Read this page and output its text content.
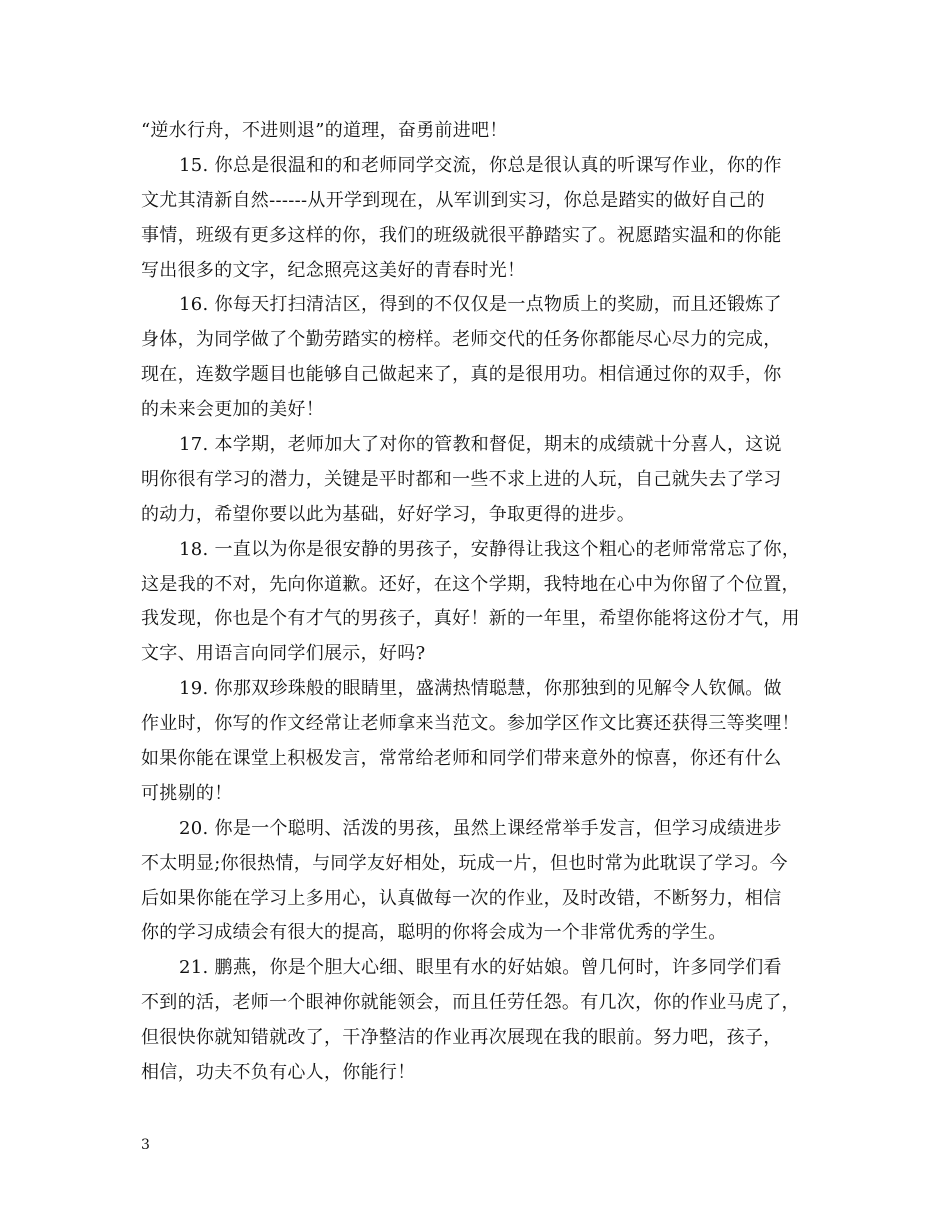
“逆水行舟，不进则退”的道理，奋勇前进吧！
15. 你总是很温和的和老师同学交流，你总是很认真的听课写作业，你的作
文尤其清新自然------从开学到现在，从军训到实习，你总是踏实的做好自己的
事情，班级有更多这样的你，我们的班级就很平静踏实了。祝愿踏实温和的你能
写出很多的文字，纪念照亮这美好的青春时光！
16. 你每天打扫清洁区，得到的不仅仅是一点物质上的奖励，而且还锻炼了
身体，为同学做了个勤劳踏实的榜样。老师交代的任务你都能尽心尽力的完成，
现在，连数学题目也能够自己做起来了，真的是很用功。相信通过你的双手，你
的未来会更加的美好！
17. 本学期，老师加大了对你的管教和督促，期末的成绩就十分喜人，这说
明你很有学习的潜力，关键是平时都和一些不求上进的人玩，自己就失去了学习
的动力，希望你要以此为基础，好好学习，争取更得的进步。
18. 一直以为你是很安静的男孩子，安静得让我这个粗心的老师常常忘了你，
这是我的不对，先向你道歉。还好，在这个学期，我特地在心中为你留了个位置，
我发现，你也是个有才气的男孩子，真好！新的一年里，希望你能将这份才气，用
文字、用语言向同学们展示，好吗?
19. 你那双珍珠般的眼睛里，盛满热情聪慧，你那独到的见解令人钦佩。做
作业时，你写的作文经常让老师拿来当范文。参加学区作文比赛还获得三等奖哩！
如果你能在课堂上积极发言，常常给老师和同学们带来意外的惊喜，你还有什么
可挑剔的！
20. 你是一个聪明、活泼的男孩，虽然上课经常举手发言，但学习成绩进步
不太明显;你很热情，与同学友好相处，玩成一片，但也时常为此耽误了学习。今
后如果你能在学习上多用心，认真做每一次的作业，及时改错，不断努力，相信
你的学习成绩会有很大的提高，聪明的你将会成为一个非常优秀的学生。
21. 鹏燕，你是个胆大心细、眼里有水的好姑娘。曾几何时，许多同学们看
不到的活，老师一个眼神你就能领会，而且任劳任怨。有几次，你的作业马虎了，
但很快你就知错就改了，干净整洁的作业再次展现在我的眼前。努力吧，孩子，
相信，功夫不负有心人，你能行！
3
